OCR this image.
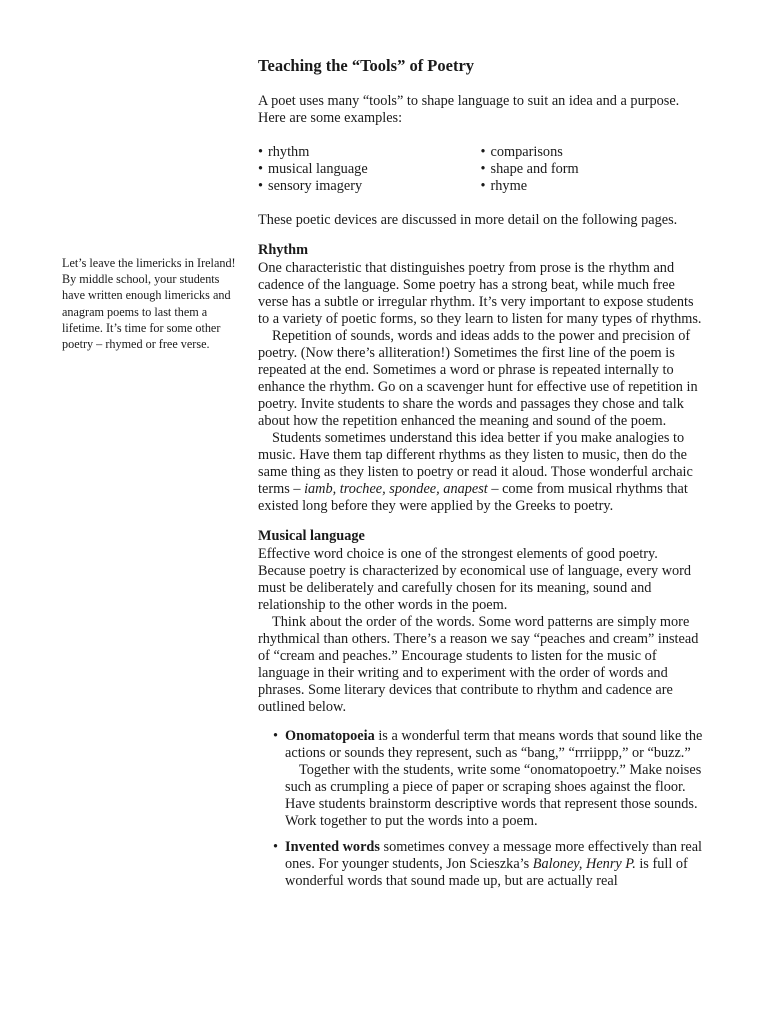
Let’s leave the limericks in Ireland! By middle school, your students have written enough limericks and anagram poems to last them a lifetime. It’s time for some other poetry – rhymed or free verse.

Teaching the “Tools” of Poetry

A poet uses many “tools” to shape language to suit an idea and a purpose. Here are some examples:

• rhythm
• musical language
• sensory imagery
• comparisons
• shape and form
• rhyme

These poetic devices are discussed in more detail on the following pages.

Rhythm

One characteristic that distinguishes poetry from prose is the rhythm and cadence of the language. Some poetry has a strong beat, while much free verse has a subtle or irregular rhythm. It’s very important to expose students to a variety of poetic forms, so they learn to listen for many types of rhythms.

Repetition of sounds, words and ideas adds to the power and precision of poetry. (Now there’s alliteration!) Sometimes the first line of the poem is repeated at the end. Sometimes a word or phrase is repeated internally to enhance the rhythm. Go on a scavenger hunt for effective use of repetition in poetry. Invite students to share the words and passages they chose and talk about how the repetition enhanced the meaning and sound of the poem.

Students sometimes understand this idea better if you make analogies to music. Have them tap different rhythms as they listen to music, then do the same thing as they listen to poetry or read it aloud. Those wonderful archaic terms – iamb, trochee, spondee, anapest – come from musical rhythms that existed long before they were applied by the Greeks to poetry.

Musical language

Effective word choice is one of the strongest elements of good poetry. Because poetry is characterized by economical use of language, every word must be deliberately and carefully chosen for its meaning, sound and relationship to the other words in the poem.

Think about the order of the words. Some word patterns are simply more rhythmical than others. There’s a reason we say “peaches and cream” instead of “cream and peaches.” Encourage students to listen for the music of language in their writing and to experiment with the order of words and phrases. Some literary devices that contribute to rhythm and cadence are outlined below.

• Onomatopoeia is a wonderful term that means words that sound like the actions or sounds they represent, such as “bang,” “rrriippp,” or “buzz.”

Together with the students, write some “onomatopoetry.” Make noises such as crumpling a piece of paper or scraping shoes against the floor. Have students brainstorm descriptive words that represent those sounds. Work together to put the words into a poem.

• Invented words sometimes convey a message more effectively than real ones. For younger students, Jon Scieszka’s Baloney, Henry P. is full of wonderful words that sound made up, but are actually real
